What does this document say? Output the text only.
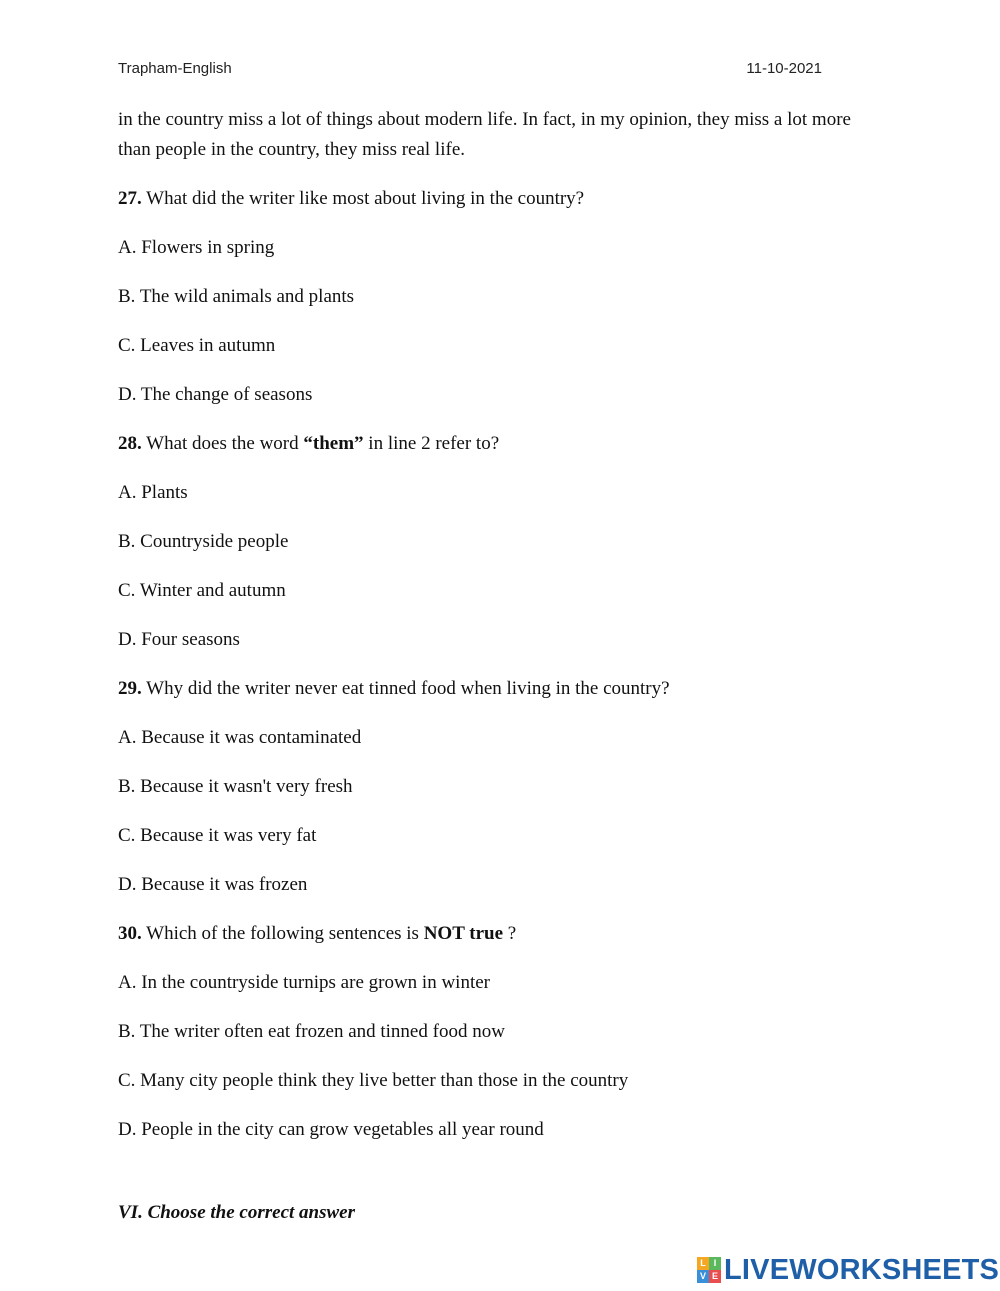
Trapham-English	11-10-2021
in the country miss a lot of things about modern life. In fact, in my opinion, they miss a lot more
than people in the country, they miss real life.
27. What did the writer like most about living in the country?
A. Flowers in spring
B. The wild animals and plants
C. Leaves in autumn
D. The change of seasons
28. What does the word “them” in line 2 refer to?
A. Plants
B. Countryside people
C. Winter and autumn
D. Four seasons
29. Why did the writer never eat tinned food when living in the country?
A. Because it was contaminated
B. Because it wasn't very fresh
C. Because it was very fat
D. Because it was frozen
30. Which of the following sentences is NOT true ?
A. In the countryside turnips are grown in winter
B. The writer often eat frozen and tinned food now
C. Many city people think they live better than those in the country
D. People in the city can grow vegetables all year round
VI. Choose the correct answer
L I
V E LIVEWORKSHEETS
